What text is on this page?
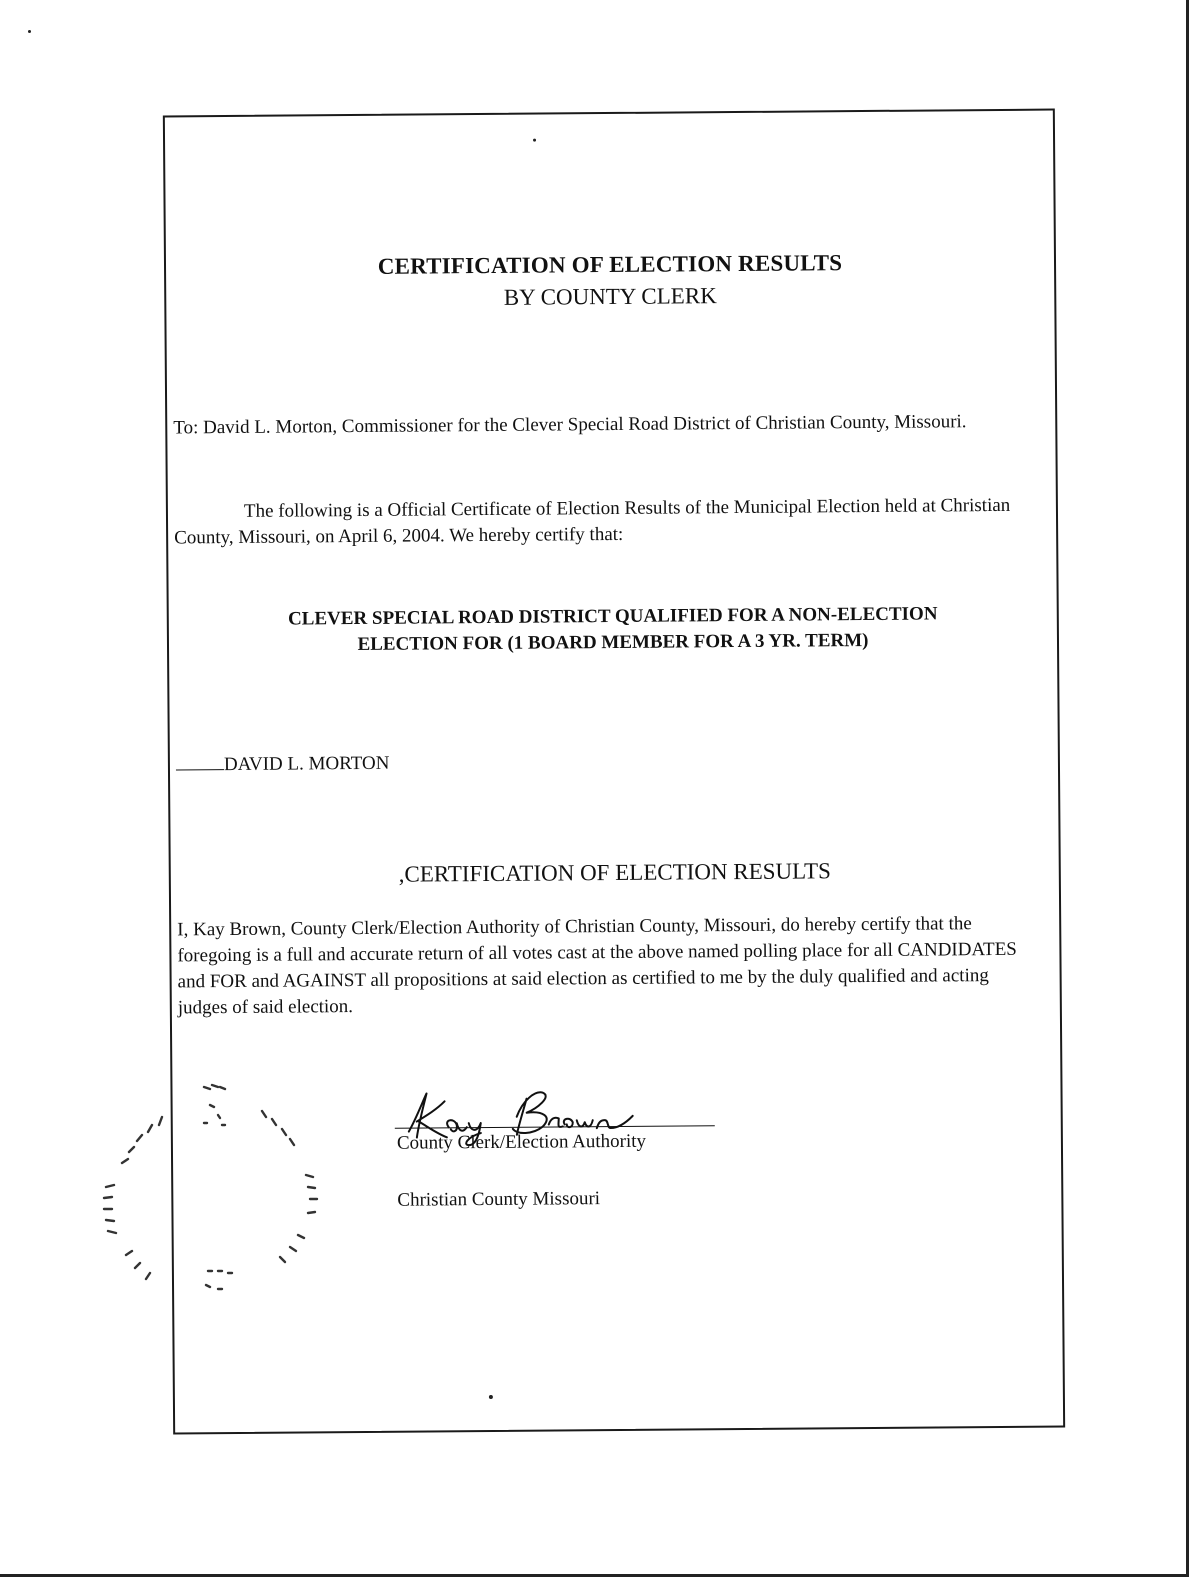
CERTIFICATION OF ELECTION RESULTS
BY COUNTY CLERK
To: David L. Morton, Commissioner for the Clever Special Road District of Christian County, Missouri.
The following is a Official Certificate of Election Results of the Municipal Election held at Christian County, Missouri, on April 6, 2004. We hereby certify that:
CLEVER SPECIAL ROAD DISTRICT QUALIFIED FOR A NON-ELECTION
ELECTION FOR (1 BOARD MEMBER FOR A 3 YR. TERM)
DAVID L. MORTON
,CERTIFICATION OF ELECTION RESULTS
I, Kay Brown, County Clerk/Election Authority of Christian County, Missouri, do hereby certify that the foregoing is a full and accurate return of all votes cast at the above named polling place for all CANDIDATES and FOR and AGAINST all propositions at said election as certified to me by the duly qualified and acting judges of said election.
County Clerk/Election Authority
Christian County Missouri
